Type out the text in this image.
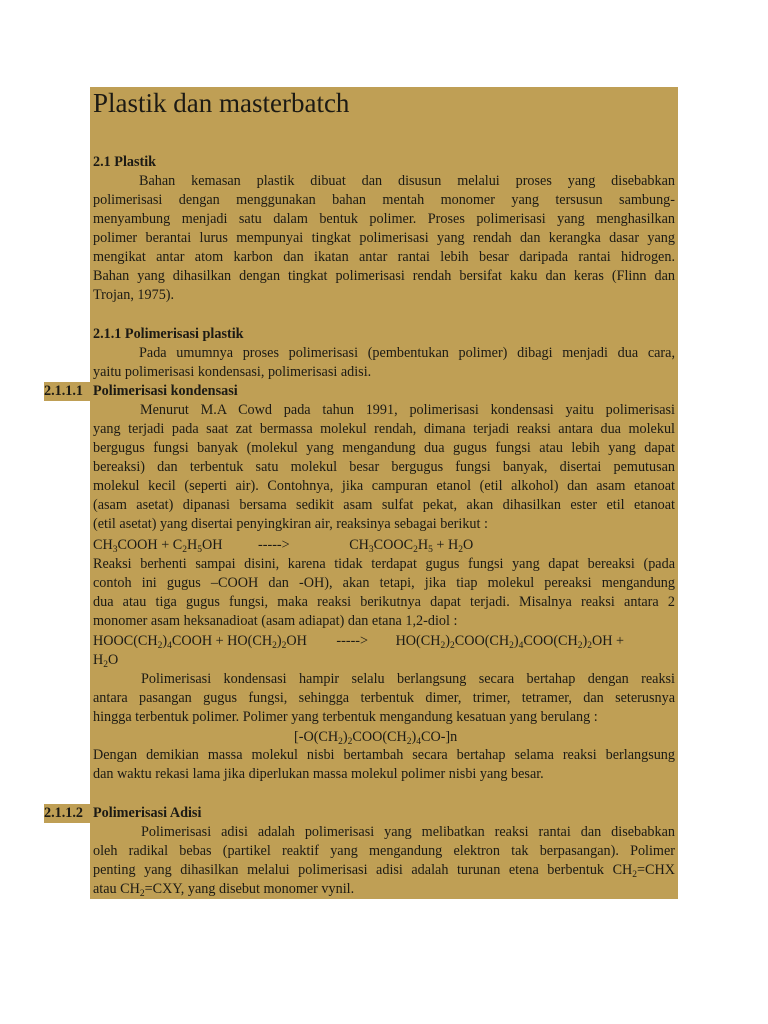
Plastik dan masterbatch
2.1 Plastik
Bahan kemasan plastik dibuat dan disusun melalui proses yang disebabkan
polimerisasi dengan menggunakan bahan mentah monomer yang tersusun sambung-
menyambung menjadi satu dalam bentuk polimer. Proses polimerisasi yang menghasilkan
polimer berantai lurus mempunyai tingkat polimerisasi yang rendah dan kerangka dasar yang
mengikat antar atom karbon dan ikatan antar rantai lebih besar daripada rantai hidrogen.
Bahan yang dihasilkan dengan tingkat polimerisasi rendah bersifat kaku dan keras (Flinn dan
Trojan, 1975).
2.1.1 Polimerisasi plastik
Pada umumnya proses polimerisasi (pembentukan polimer) dibagi menjadi dua cara,
yaitu polimerisasi kondensasi, polimerisasi adisi.
2.1.1.1 Polimerisasi kondensasi
Menurut M.A Cowd pada tahun 1991, polimerisasi kondensasi yaitu polimerisasi
yang terjadi pada saat zat bermassa molekul rendah, dimana terjadi reaksi antara dua molekul
bergugus fungsi banyak (molekul yang mengandung dua gugus fungsi atau lebih yang dapat
bereaksi) dan terbentuk satu molekul besar bergugus fungsi banyak, disertai pemutusan
molekul kecil (seperti air). Contohnya, jika campuran etanol (etil alkohol) dan asam etanoat
(asam asetat) dipanasi bersama sedikit asam sulfat pekat, akan dihasilkan ester etil etanoat
(etil asetat) yang disertai penyingkiran air, reaksinya sebagai berikut :
$CH_3COOH + C_2H_5OH$	----->	$CH_3COOC_2H_5 + H_2O$
Reaksi berhenti sampai disini, karena tidak terdapat gugus fungsi yang dapat bereaksi (pada
contoh ini gugus –COOH dan -OH), akan tetapi, jika tiap molekul pereaksi mengandung
dua atau tiga gugus fungsi, maka reaksi berikutnya dapat terjadi. Misalnya reaksi antara 2
monomer asam heksanadioat (asam adiapat) dan etana 1,2-diol :
$HOOC(CH_2)_4COOH + HO(CH_2)_2OH$ -----> $HO(CH_2)_2COO(CH_2)_4COO(CH_2)_2OH$ +
$H_2O$
Polimerisasi kondensasi hampir selalu berlangsung secara bertahap dengan reaksi
antara pasangan gugus fungsi, sehingga terbentuk dimer, trimer, tetramer, dan seterusnya
hingga terbentuk polimer. Polimer yang terbentuk mengandung kesatuan yang berulang :
$[-O(CH_2)_2COO(CH_2)_4CO-]n$
Dengan demikian massa molekul nisbi bertambah secara bertahap selama reaksi berlangsung
dan waktu rekasi lama jika diperlukan massa molekul polimer nisbi yang besar.
2.1.1.2 Polimerisasi Adisi
Polimerisasi adisi adalah polimerisasi yang melibatkan reaksi rantai dan disebabkan
oleh radikal bebas (partikel reaktif yang mengandung elektron tak berpasangan). Polimer
penting yang dihasilkan melalui polimerisasi adisi adalah turunan etena berbentuk $CH_2=CHX$
atau $CH_2=CXY$, yang disebut monomer vynil.
